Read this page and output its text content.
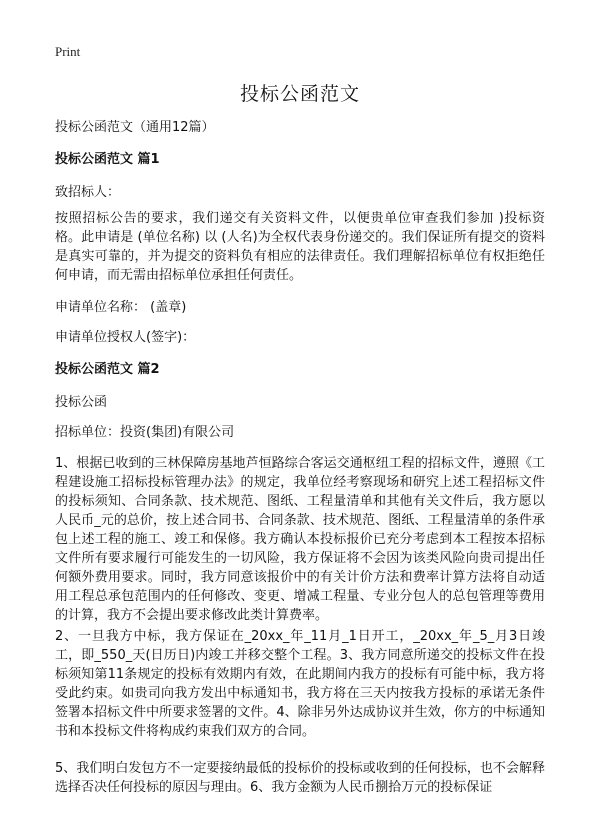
Print
投标公函范文

投标公函范文（通用12篇）

投标公函范文 篇1

致招标人：

按照招标公告的要求，我们递交有关资料文件，以便贵单位审查我们参加 )投标资格。此申请是 (单位名称) 以 (人名)为全权代表身份递交的。我们保证所有提交的资料是真实可靠的，并为提交的资料负有相应的法律责任。我们理解招标单位有权拒绝任何申请，而无需由招标单位承担任何责任。

申请单位名称： (盖章)

申请单位授权人(签字)：

投标公函范文 篇2

投标公函

招标单位：投资(集团)有限公司

1、根据已收到的三林保障房基地芦恒路综合客运交通枢纽工程的招标文件，遵照《工程建设施工招标投标管理办法》的规定，我单位经考察现场和研究上述工程招标文件的投标须知、合同条款、技术规范、图纸、工程量清单和其他有关文件后，我方愿以人民币_元的总价，按上述合同书、合同条款、技术规范、图纸、工程量清单的条件承包上述工程的施工、竣工和保修。我方确认本投标报价已充分考虑到本工程按本招标文件所有要求履行可能发生的一切风险，我方保证将不会因为该类风险向贵司提出任何额外费用要求。同时，我方同意该报价中的有关计价方法和费率计算方法将自动适用工程总承包范围内的任何修改、变更、增减工程量、专业分包人的总包管理等费用的计算，我方不会提出要求修改此类计算费率。

2、一旦我方中标，我方保证在_20xx_年_11月_1日开工，_20xx_年_5_月3日竣工，即_550_天(日历日)内竣工并移交整个工程。3、我方同意所递交的投标文件在投标须知第11条规定的投标有效期内有效，在此期间内我方的投标有可能中标，我方将受此约束。如贵司向我方发出中标通知书，我方将在三天内按我方投标的承诺无条件签署本招标文件中所要求签署的文件。4、除非另外达成协议并生效，你方的中标通知书和本投标文件将构成约束我们双方的合同。

5、我们明白发包方不一定要接纳最低的投标价的投标或收到的任何投标，也不会解释选择否决任何投标的原因与理由。6、我方金额为人民币捌拾万元的投标保证
